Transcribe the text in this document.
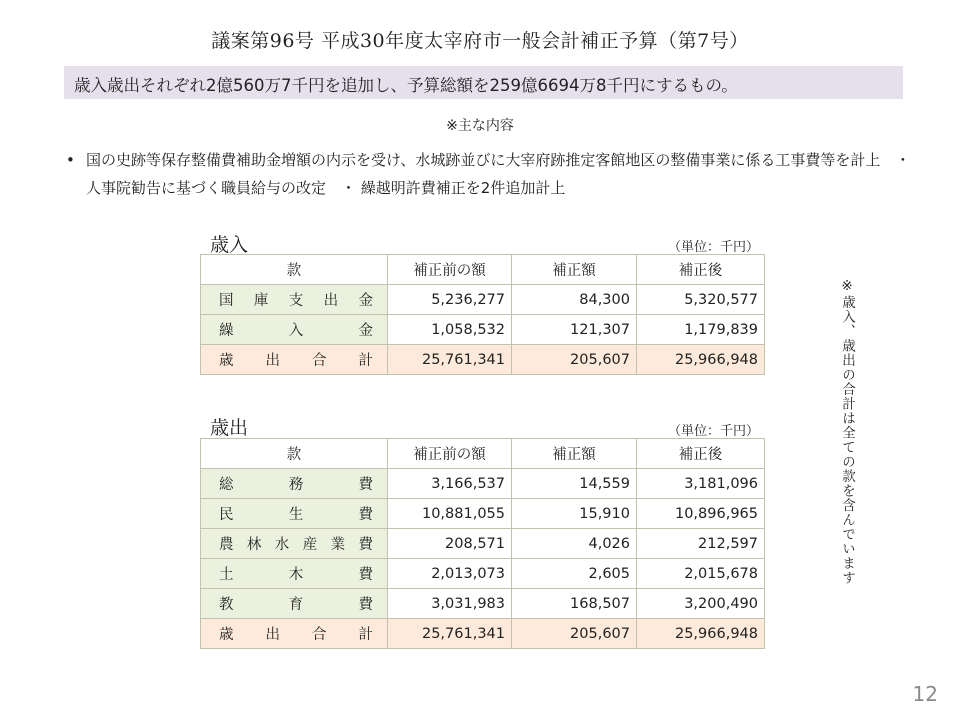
議案第96号 平成30年度太宰府市一般会計補正予算（第7号）
歳入歳出それぞれ2億560万7千円を追加し、予算総額を259億6694万8千円にするもの。
※主な内容
• 国の史跡等保存整備費補助金増額の内示を受け、水城跡並びに大宰府跡推定客館地区の整備事業に係る工事費等を計上　・ 人事院勧告に基づく職員給与の改定　・ 繰越明許費補正を2件追加計上
歳入	（単位：千円）
款	補正前の額	補正額	補正後
国庫支出金	5,236,277	84,300	5,320,577
繰入金	1,058,532	121,307	1,179,839
歳出合計	25,761,341	205,607	25,966,948
歳出	（単位：千円）
款	補正前の額	補正額	補正後
総務費	3,166,537	14,559	3,181,096
民生費	10,881,055	15,910	10,896,965
農林水産業費	208,571	4,026	212,597
土木費	2,013,073	2,605	2,015,678
教育費	3,031,983	168,507	3,200,490
歳出合計	25,761,341	205,607	25,966,948
※歳入、歳出の合計は全ての款を含んでいます
12
